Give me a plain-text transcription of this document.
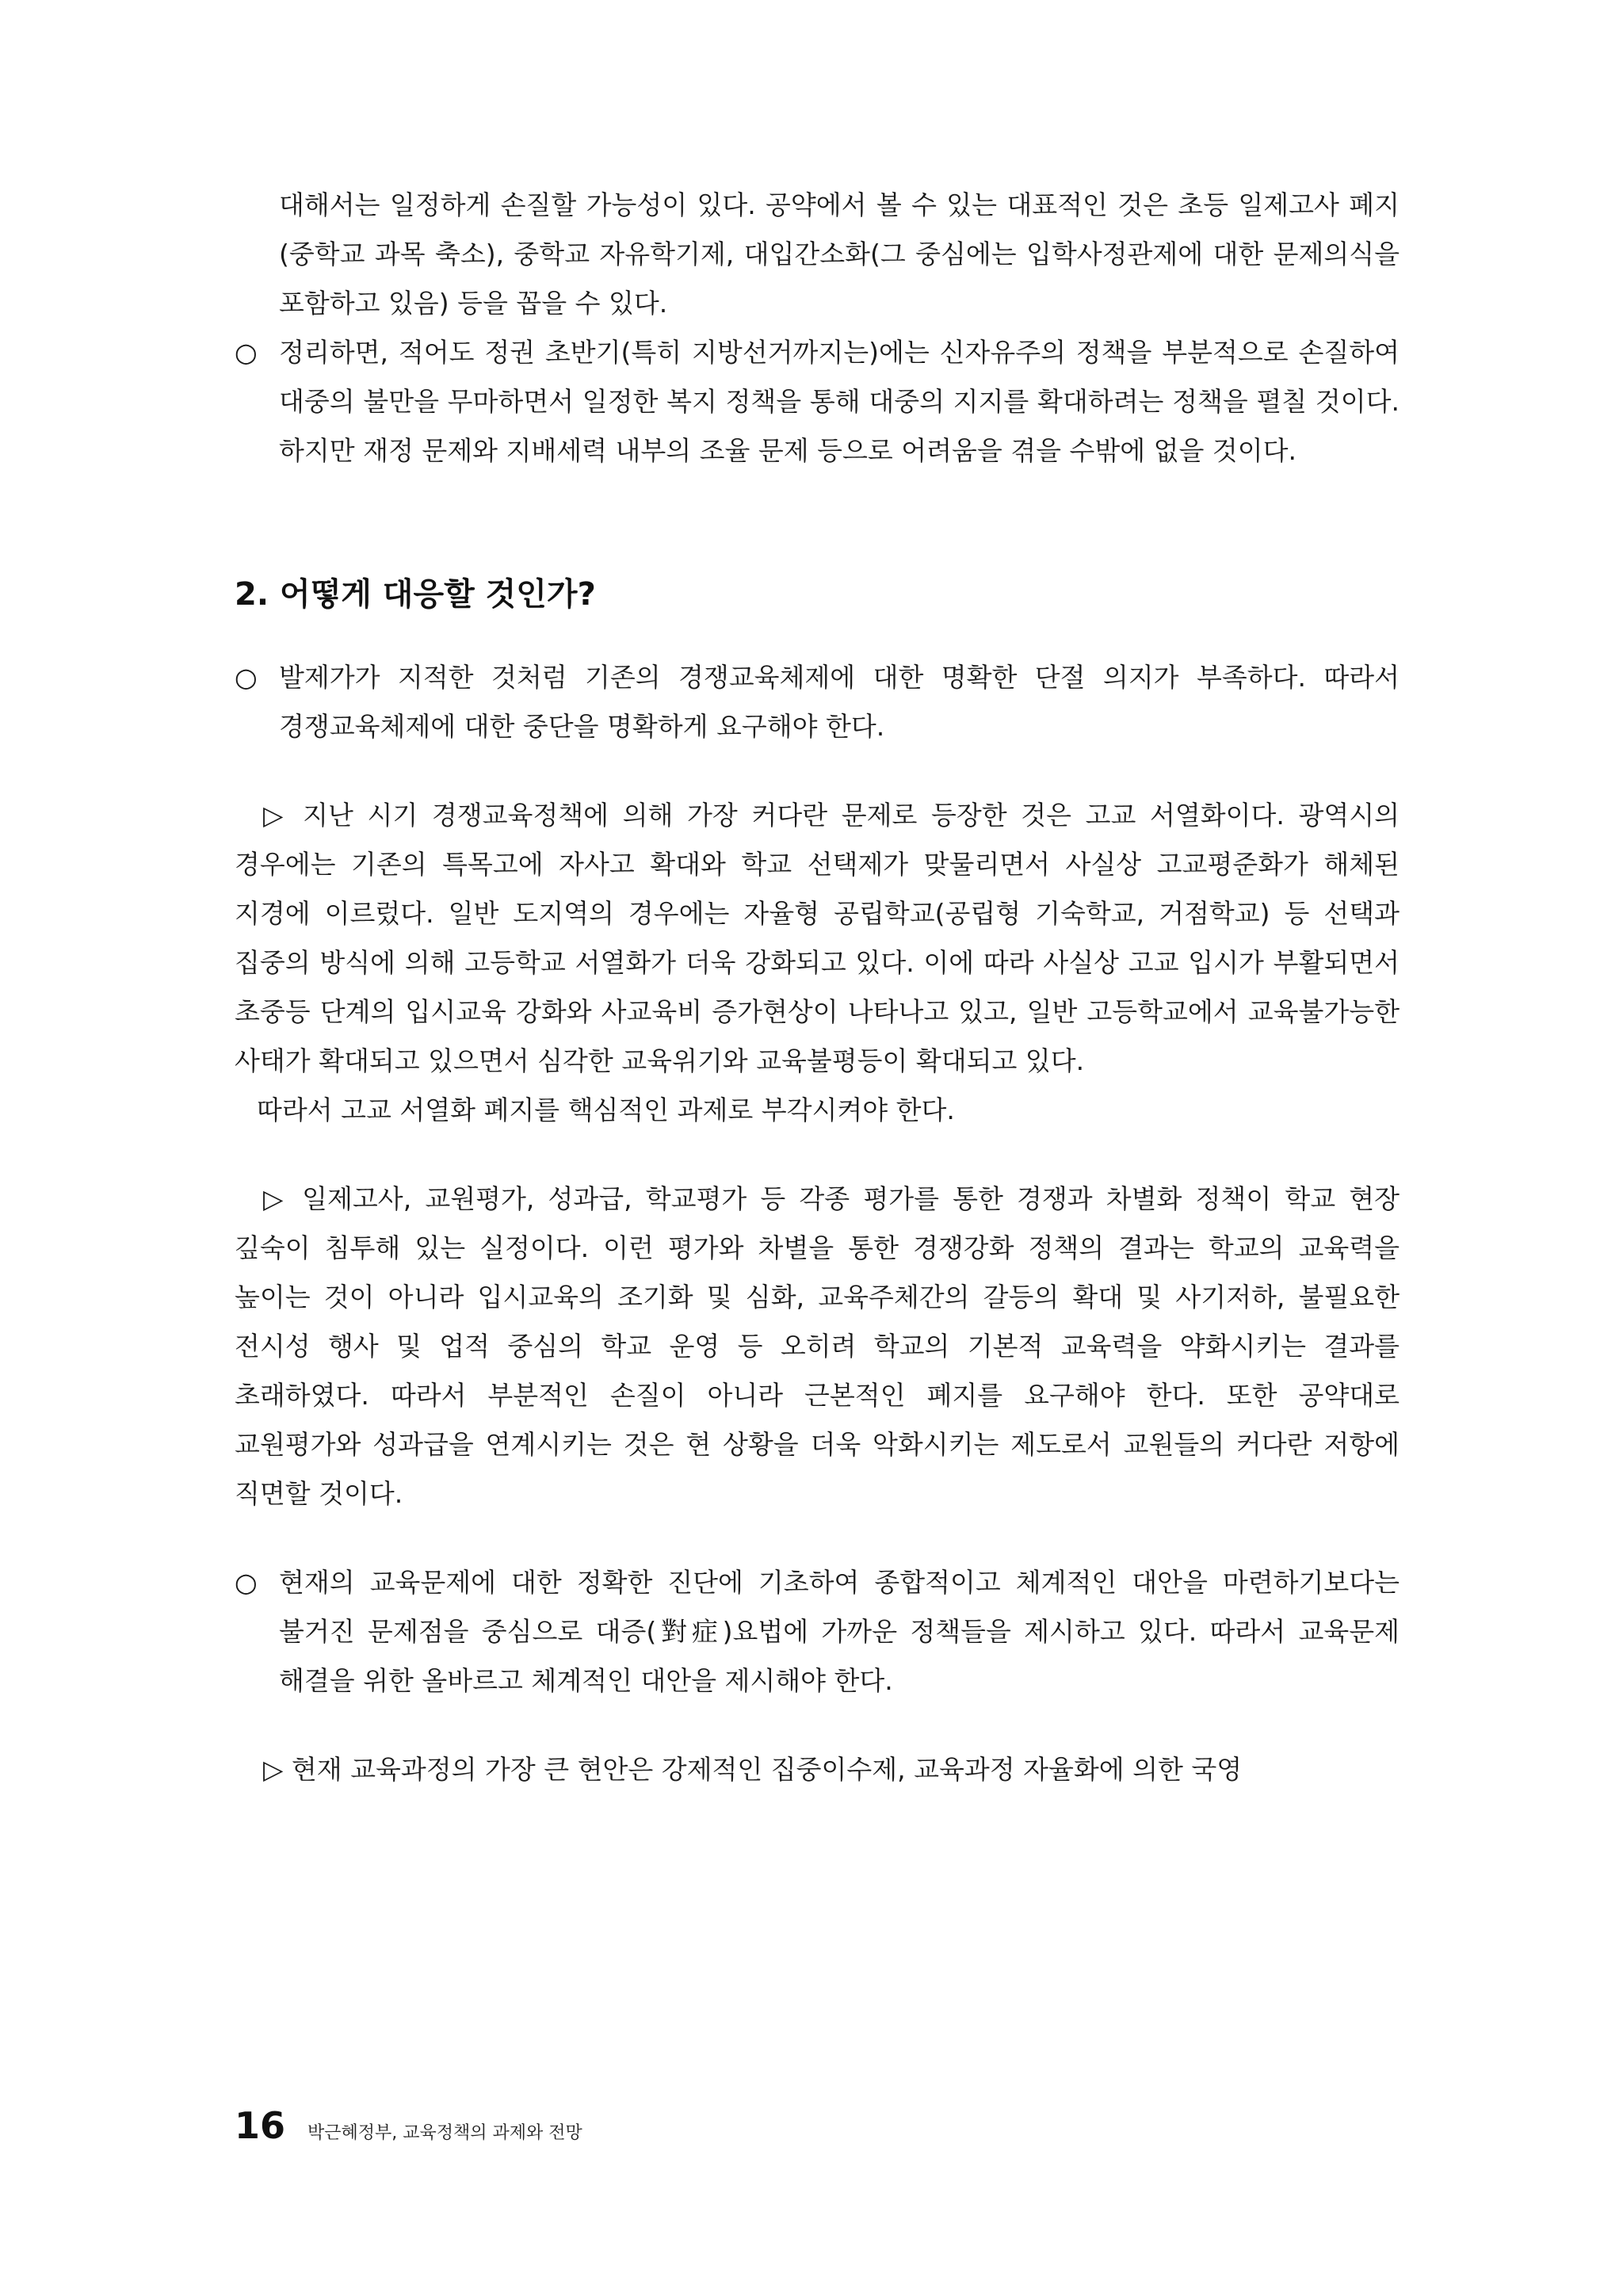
대해서는 일정하게 손질할 가능성이 있다. 공약에서 볼 수 있는 대표적인 것은 초등 일제고사 폐지(중학교 과목 축소), 중학교 자유학기제, 대입간소화(그 중심에는 입학사정관제에 대한 문제의식을 포함하고 있음) 등을 꼽을 수 있다.

○ 정리하면, 적어도 정권 초반기(특히 지방선거까지는)에는 신자유주의 정책을 부분적으로 손질하여 대중의 불만을 무마하면서 일정한 복지 정책을 통해 대중의 지지를 확대하려는 정책을 펼칠 것이다. 하지만 재정 문제와 지배세력 내부의 조율 문제 등으로 어려움을 겪을 수밖에 없을 것이다.
2. 어떻게 대응할 것인가?
○ 발제가가 지적한 것처럼 기존의 경쟁교육체제에 대한 명확한 단절 의지가 부족하다. 따라서 경쟁교육체제에 대한 중단을 명확하게 요구해야 한다.

▷ 지난 시기 경쟁교육정책에 의해 가장 커다란 문제로 등장한 것은 고교 서열화이다. 광역시의 경우에는 기존의 특목고에 자사고 확대와 학교 선택제가 맞물리면서 사실상 고교평준화가 해체된 지경에 이르렀다. 일반 도지역의 경우에는 자율형 공립학교(공립형 기숙학교, 거점학교) 등 선택과 집중의 방식에 의해 고등학교 서열화가 더욱 강화되고 있다. 이에 따라 사실상 고교 입시가 부활되면서 초중등 단계의 입시교육 강화와 사교육비 증가현상이 나타나고 있고, 일반 고등학교에서 교육불가능한 사태가 확대되고 있으면서 심각한 교육위기와 교육불평등이 확대되고 있다.

따라서 고교 서열화 폐지를 핵심적인 과제로 부각시켜야 한다.

▷ 일제고사, 교원평가, 성과급, 학교평가 등 각종 평가를 통한 경쟁과 차별화 정책이 학교 현장 깊숙이 침투해 있는 실정이다. 이런 평가와 차별을 통한 경쟁강화 정책의 결과는 학교의 교육력을 높이는 것이 아니라 입시교육의 조기화 및 심화, 교육주체간의 갈등의 확대 및 사기저하, 불필요한 전시성 행사 및 업적 중심의 학교 운영 등 오히려 학교의 기본적 교육력을 약화시키는 결과를 초래하였다. 따라서 부분적인 손질이 아니라 근본적인 폐지를 요구해야 한다. 또한 공약대로 교원평가와 성과급을 연계시키는 것은 현 상황을 더욱 악화시키는 제도로서 교원들의 커다란 저항에 직면할 것이다.

○ 현재의 교육문제에 대한 정확한 진단에 기초하여 종합적이고 체계적인 대안을 마련하기보다는 불거진 문제점을 중심으로 대증(對症)요법에 가까운 정책들을 제시하고 있다. 따라서 교육문제 해결을 위한 올바르고 체계적인 대안을 제시해야 한다.

▷ 현재 교육과정의 가장 큰 현안은 강제적인 집중이수제, 교육과정 자율화에 의한 국영

16 박근혜정부, 교육정책의 과제와 전망
